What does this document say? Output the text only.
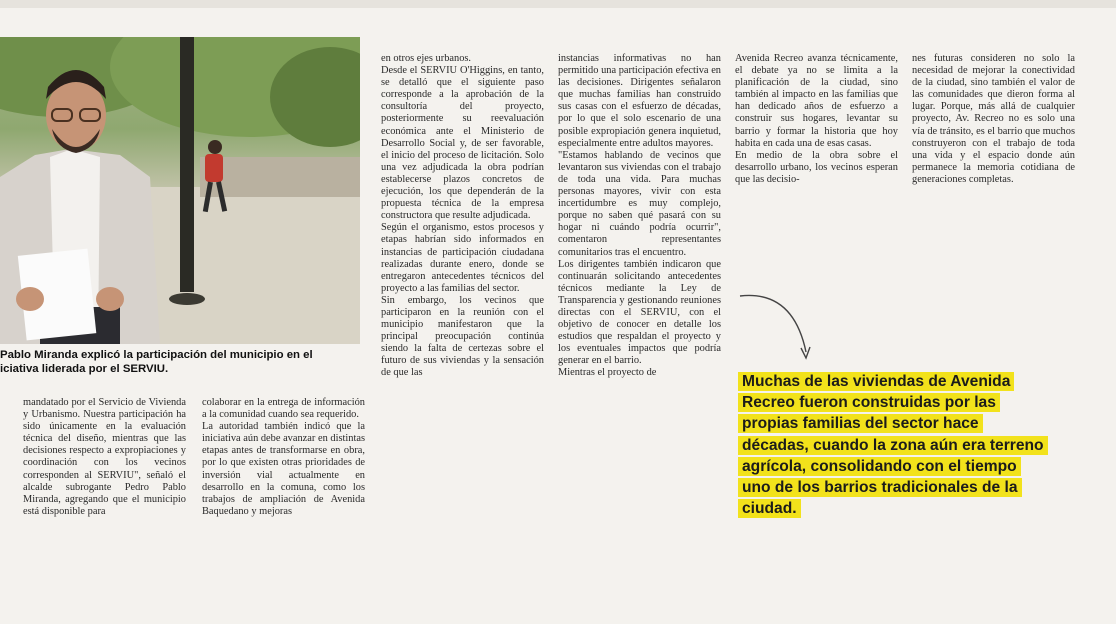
Pablo Miranda explicó la participación del municipio en el
iciativa liderada por el SERVIU.

mandatado por el Servicio de Vivienda y Urbanismo. Nuestra participación ha sido únicamente en la evaluación técnica del diseño, mientras que las decisiones respecto a expropiaciones y coordinación con los vecinos corresponden al SERVIU", señaló el alcalde subrogante Pedro Pablo Miranda, agregando que el municipio está disponible para

colaborar en la entrega de información a la comunidad cuando sea requerido.
La autoridad también indicó que la iniciativa aún debe avanzar en distintas etapas antes de transformarse en obra, por lo que existen otras prioridades de inversión vial actualmente en desarrollo en la comuna, como los trabajos de ampliación de Avenida Baquedano y mejoras

en otros ejes urbanos.
Desde el SERVIU O'Higgins, en tanto, se detalló que el siguiente paso corresponde a la aprobación de la consultoría del proyecto, posteriormente su reevaluación económica ante el Ministerio de Desarrollo Social y, de ser favorable, el inicio del proceso de licitación. Solo una vez adjudicada la obra podrían establecerse plazos concretos de ejecución, los que dependerán de la propuesta técnica de la empresa constructora que resulte adjudicada.
Según el organismo, estos procesos y etapas habrían sido informados en instancias de participación ciudadana realizadas durante enero, donde se entregaron antecedentes técnicos del proyecto a las familias del sector.
Sin embargo, los vecinos que participaron en la reunión con el municipio manifestaron que la principal preocupación continúa siendo la falta de certezas sobre el futuro de sus viviendas y la sensación de que las

instancias informativas no han permitido una participación efectiva en las decisiones. Dirigentes señalaron que muchas familias han construido sus casas con el esfuerzo de décadas, por lo que el solo escenario de una posible expropiación genera inquietud, especialmente entre adultos mayores.
"Estamos hablando de vecinos que levantaron sus viviendas con el trabajo de toda una vida. Para muchas personas mayores, vivir con esta incertidumbre es muy complejo, porque no saben qué pasará con su hogar ni cuándo podría ocurrir", comentaron representantes comunitarios tras el encuentro.
Los dirigentes también indicaron que continuarán solicitando antecedentes técnicos mediante la Ley de Transparencia y gestionando reuniones directas con el SERVIU, con el objetivo de conocer en detalle los estudios que respaldan el proyecto y los eventuales impactos que podría generar en el barrio.
Mientras el proyecto de

Avenida Recreo avanza técnicamente, el debate ya no se limita a la planificación de la ciudad, sino también al impacto en las familias que han dedicado años de esfuerzo a construir sus hogares, levantar su barrio y formar la historia que hoy habita en cada una de esas casas.
En medio de la obra sobre el desarrollo urbano, los vecinos esperan que las decisio-

nes futuras consideren no solo la necesidad de mejorar la conectividad de la ciudad, sino también el valor de las comunidades que dieron forma al lugar. Porque, más allá de cualquier proyecto, Av. Recreo no es solo una vía de tránsito, es el barrio que muchos construyeron con el trabajo de toda una vida y el espacio donde aún permanece la memoria cotidiana de generaciones completas.

Muchas de las viviendas de Avenida Recreo fueron construidas por las propias familias del sector hace décadas, cuando la zona aún era terreno agrícola, consolidando con el tiempo uno de los barrios tradicionales de la ciudad.
